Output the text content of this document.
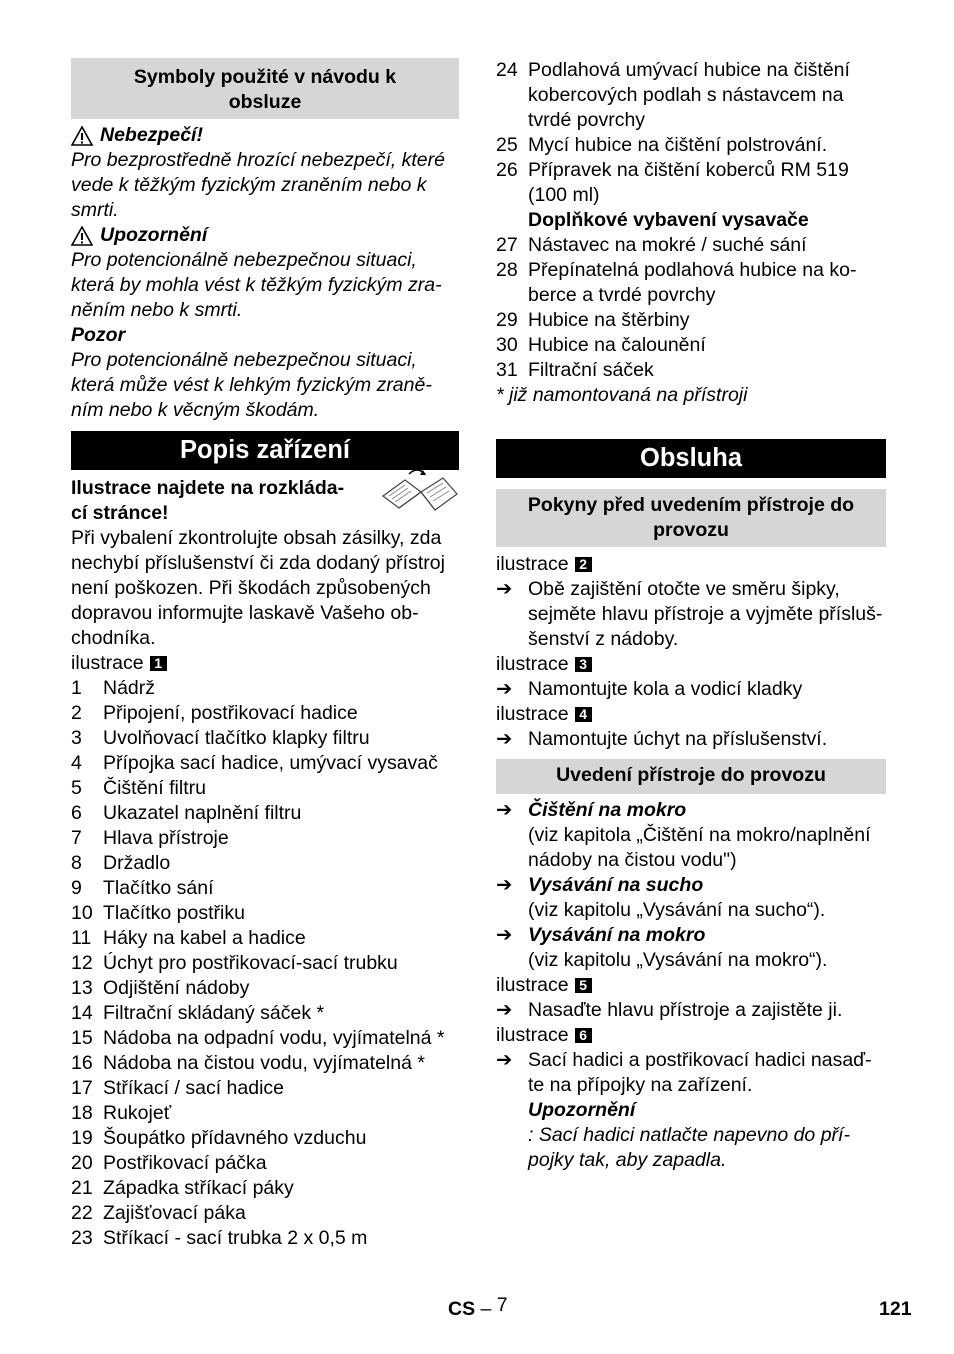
Symboly použité v návodu k
obsluze
Nebezpečí!
Pro bezprostředně hrozící nebezpečí, které
vede k těžkým fyzickým zraněním nebo k
smrti.
Upozornění
Pro potencionálně nebezpečnou situaci,
která by mohla vést k těžkým fyzickým zra-
něním nebo k smrti.
Pozor
Pro potencionálně nebezpečnou situaci,
která může vést k lehkým fyzickým zraně-
ním nebo k věcným škodám.
Popis zařízení
Ilustrace najdete na rozkláda-
cí stránce!
Při vybalení zkontrolujte obsah zásilky, zda
nechybí příslušenství či zda dodaný přístroj
není poškozen. Při škodách způsobených
dopravou informujte laskavě Vašeho ob-
chodníka.
ilustrace 1
1	Nádrž
2	Připojení, postřikovací hadice
3	Uvolňovací tlačítko klapky filtru
4	Přípojka sací hadice, umývací vysavač
5	Čištění filtru
6	Ukazatel naplnění filtru
7	Hlava přístroje
8	Držadlo
9	Tlačítko sání
10 Tlačítko postřiku
11 Háky na kabel a hadice
12 Úchyt pro postřikovací-sací trubku
13 Odjištění nádoby
14 Filtrační skládaný sáček *
15 Nádoba na odpadní vodu, vyjímatelná *
16 Nádoba na čistou vodu, vyjímatelná *
17 Stříkací / sací hadice
18 Rukojeť
19 Šoupátko přídavného vzduchu
20 Postřikovací páčka
21 Západka stříkací páky
22 Zajišťovací páka
23 Stříkací - sací trubka 2 x 0,5 m
24 Podlahová umývací hubice na čištění
kobercových podlah s nástavcem na
tvrdé povrchy
25 Mycí hubice na čištění polstrování.
26 Přípravek na čištění koberců RM 519
(100 ml)
Doplňkové vybavení vysavače
27 Nástavec na mokré / suché sání
28 Přepínatelná podlahová hubice na ko-
berce a tvrdé povrchy
29 Hubice na štěrbiny
30 Hubice na čalounění
31 Filtrační sáček
* již namontovaná na přístroji
Obsluha
Pokyny před uvedením přístroje do
provozu
ilustrace 2
➔ Obě zajištění otočte ve směru šipky,
sejměte hlavu přístroje a vyjměte přísluš-
šenství z nádoby.
ilustrace 3
➔ Namontujte kola a vodicí kladky
ilustrace 4
➔ Namontujte úchyt na příslušenství.
Uvedení přístroje do provozu
➔ Čištění na mokro
(viz kapitola „Čištění na mokro/naplnění
nádoby na čistou vodu")
➔ Vysávání na sucho
(viz kapitolu „Vysávání na sucho“).
➔ Vysávání na mokro
(viz kapitolu „Vysávání na mokro“).
ilustrace 5
➔ Nasaďte hlavu přístroje a zajistěte ji.
ilustrace 6
➔ Sací hadici a postřikovací hadici nasaď-
te na přípojky na zařízení.
Upozornění
: Sací hadici natlačte napevno do pří-
pojky tak, aby zapadla.
CS – 7	121
